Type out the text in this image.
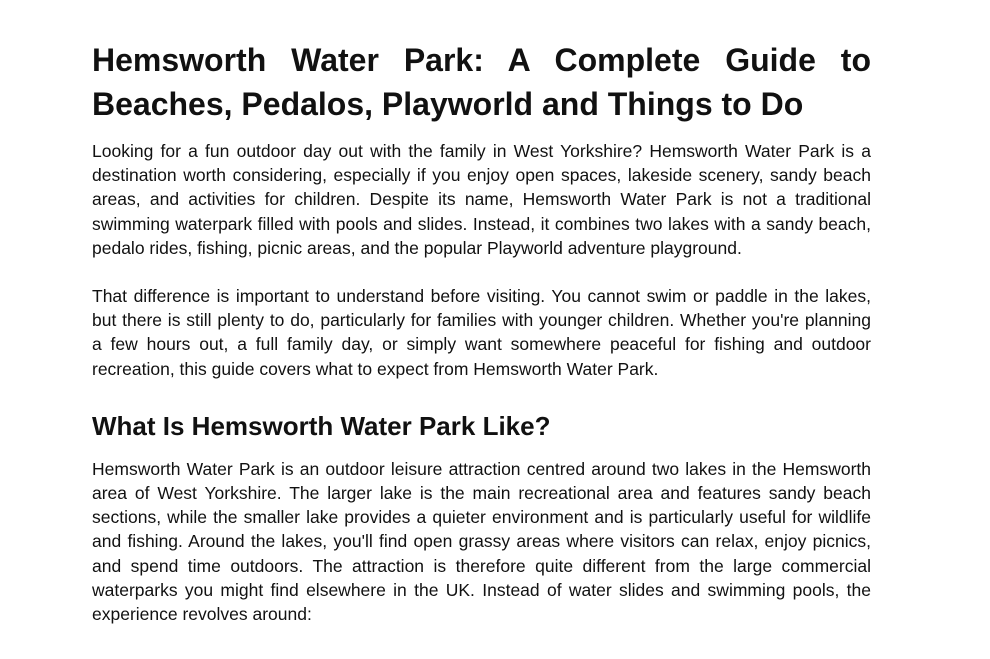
Hemsworth Water Park: A Complete Guide to Beaches, Pedalos, Playworld and Things to Do

Looking for a fun outdoor day out with the family in West Yorkshire? Hemsworth Water Park is a destination worth considering, especially if you enjoy open spaces, lakeside scenery, sandy beach areas, and activities for children. Despite its name, Hemsworth Water Park is not a traditional swimming waterpark filled with pools and slides. Instead, it combines two lakes with a sandy beach, pedalo rides, fishing, picnic areas, and the popular Playworld adventure playground.

That difference is important to understand before visiting. You cannot swim or paddle in the lakes, but there is still plenty to do, particularly for families with younger children. Whether you're planning a few hours out, a full family day, or simply want somewhere peaceful for fishing and outdoor recreation, this guide covers what to expect from Hemsworth Water Park.

What Is Hemsworth Water Park Like?

Hemsworth Water Park is an outdoor leisure attraction centred around two lakes in the Hemsworth area of West Yorkshire. The larger lake is the main recreational area and features sandy beach sections, while the smaller lake provides a quieter environment and is particularly useful for wildlife and fishing. Around the lakes, you'll find open grassy areas where visitors can relax, enjoy picnics, and spend time outdoors. The attraction is therefore quite different from the large commercial waterparks you might find elsewhere in the UK. Instead of water slides and swimming pools, the experience revolves around:
